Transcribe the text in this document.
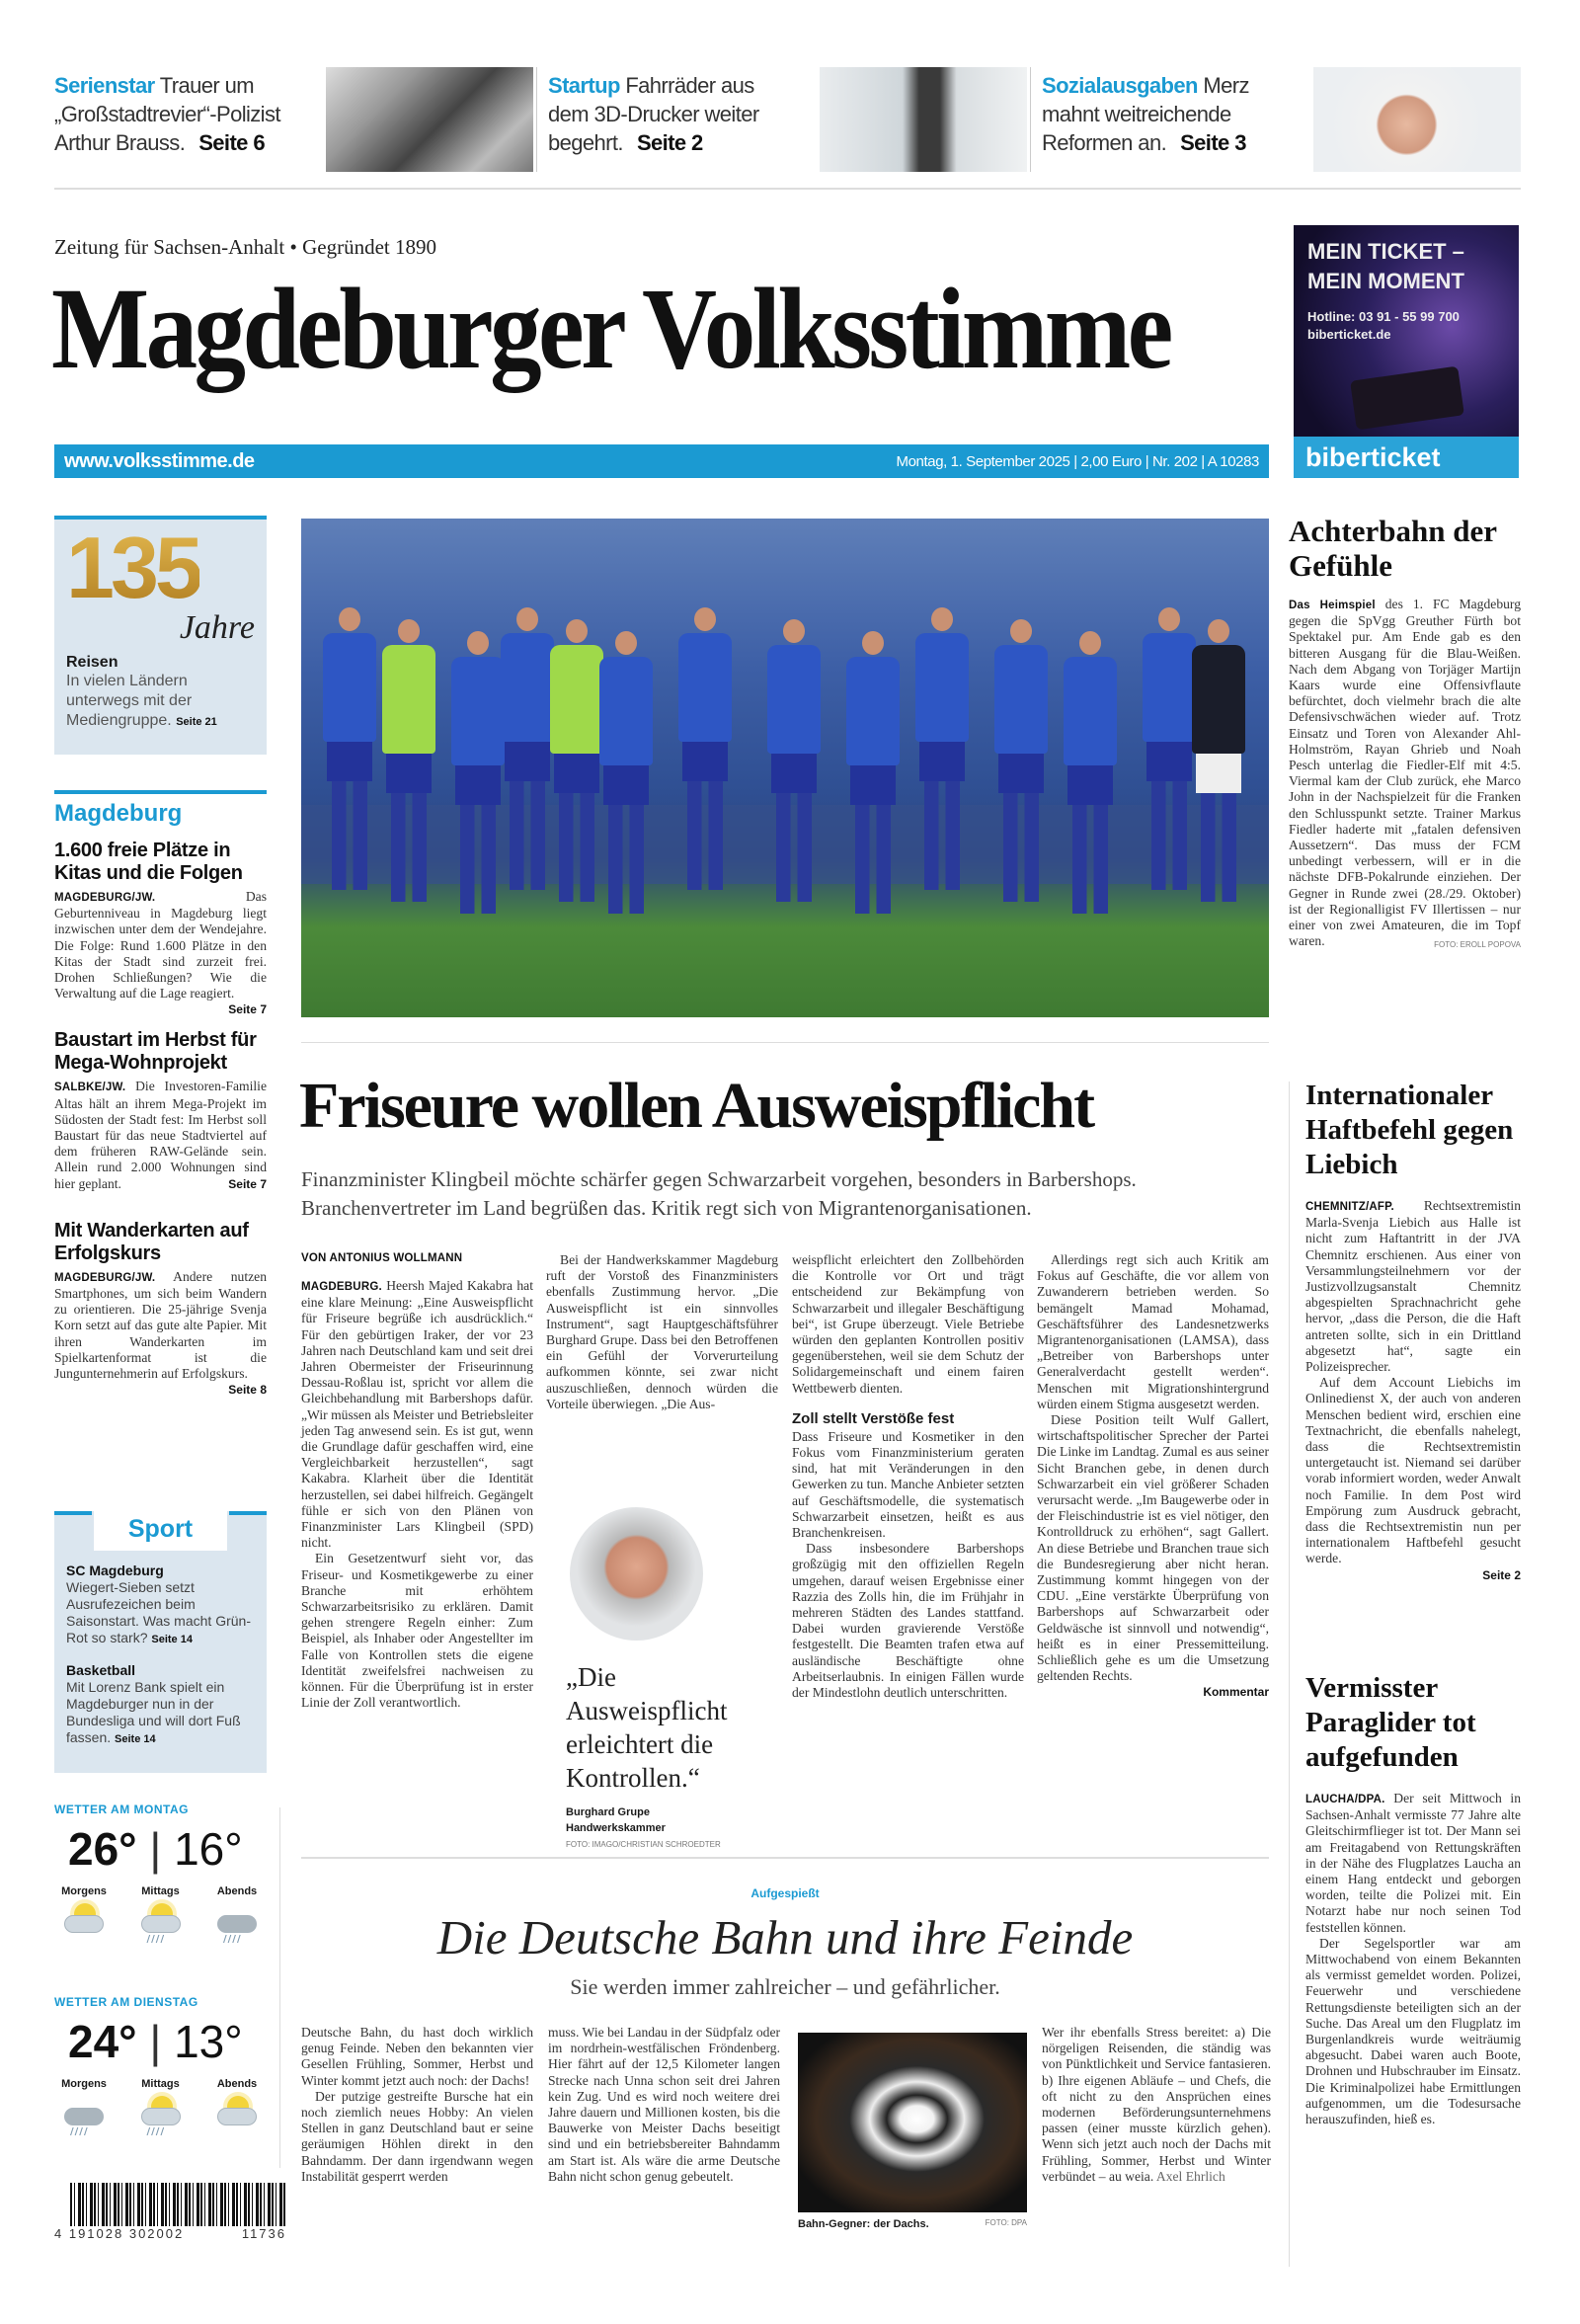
Serienstar Trauer um „Großstadtrevier“-Polizist Arthur Brauss. Seite 6
Startup Fahrräder aus dem 3D-Drucker weiter begehrt. Seite 2
Sozialausgaben Merz mahnt weitreichende Reformen an. Seite 3
Zeitung für Sachsen-Anhalt • Gegründet 1890
Magdeburger Volksstimme
www.volksstimme.de	Montag, 1. September 2025 | 2,00 Euro | Nr. 202 | A 10283
MEIN TICKET –
MEIN MOMENT
Hotline: 03 91 - 55 99 700
biberticket.de
biberticket
135
Jahre
Reisen
In vielen Ländern unterwegs mit der Mediengruppe. Seite 21
Magdeburg
1.600 freie Plätze in Kitas und die Folgen
MAGDEBURG/JW.	Das Geburtenniveau in Magdeburg liegt inzwischen unter dem der Wendejahre. Die Folge: Rund 1.600 Plätze in den Kitas der Stadt sind zurzeit frei. Drohen Schließungen? Wie die Verwaltung auf die Lage reagiert.
Seite 7
Baustart im Herbst für Mega-Wohnprojekt
SALBKE/JW. Die Investoren-Familie Altas hält an ihrem Mega-Projekt im Südosten der Stadt fest: Im Herbst soll Baustart für das neue Stadtviertel auf dem früheren RAW-Gelände sein. Allein rund 2.000 Wohnungen sind hier geplant.	Seite 7
Mit Wanderkarten auf Erfolgskurs
MAGDEBURG/JW. Andere nutzen Smartphones, um sich beim Wandern zu orientieren. Die 25-jährige Svenja Korn setzt auf das gute alte Papier. Mit ihren Wanderkarten im Spielkartenformat ist die Jungunternehmerin auf Erfolgskurs.
Seite 8
Sport
SC Magdeburg
Wiegert-Sieben setzt Ausrufezeichen beim Saisonstart. Was macht Grün-Rot so stark? Seite 14
Basketball
Mit Lorenz Bank spielt ein Magdeburger nun in der Bundesliga und will dort Fuß fassen. Seite 14
WETTER AM MONTAG
26° | 16°
Morgens	Mittags
////
Abends
////
WETTER AM DIENSTAG
24° | 13°
Morgens
////
Mittags
////
Abends
4 191028 302002	11736
Achterbahn der Gefühle
Das Heimspiel des 1. FC Magdeburg gegen die SpVgg Greuther Fürth bot Spektakel pur. Am Ende gab es den bitteren Ausgang für die Blau-Weißen. Nach dem Abgang von Torjäger Martijn Kaars wurde eine Offensivflaute befürchtet, doch vielmehr brach die alte Defensivschwächen wieder auf. Trotz Einsatz und Toren von Alexander Ahl-Holmström, Rayan Ghrieb und Noah Pesch unterlag die Fiedler-Elf mit 4:5. Viermal kam der Club zurück, ehe Marco John in der Nachspielzeit für die Franken den Schlusspunkt setzte. Trainer Markus Fiedler haderte mit „fatalen defensiven Aussetzern“. Das muss der FCM unbedingt verbessern, will er in die nächste DFB-Pokalrunde einziehen. Der Gegner in Runde zwei (28./29. Oktober) ist der Regionalligist FV Illertissen – nur einer von zwei Amateuren, die im Topf waren.	FOTO: EROLL POPOVA
Friseure wollen Ausweispflicht
Finanzminister Klingbeil möchte schärfer gegen Schwarzarbeit vorgehen, besonders in Barbershops. Branchenvertreter im Land begrüßen das. Kritik regt sich von Migrantenorganisationen.
VON ANTONIUS WOLLMANN

MAGDEBURG. Heersh Majed Kakabra hat eine klare Meinung: „Eine Ausweispflicht für Friseure begrüße ich ausdrücklich.“ Für den gebürtigen Iraker, der vor 23 Jahren nach Deutschland kam und seit drei Jahren Obermeister der Friseurinnung Dessau-Roßlau ist, spricht vor allem die Gleichbehandlung mit Barbershops dafür. „Wir müssen als Meister und Betriebsleiter jeden Tag anwesend sein. Es ist gut, wenn die Grundlage dafür geschaffen wird, eine Vergleichbarkeit herzustellen“, sagt Kakabra. Klarheit über die Identität herzustellen, sei dabei hilfreich. Gegängelt fühle er sich von den Plänen von Finanzminister Lars Klingbeil (SPD) nicht.

Ein Gesetzentwurf sieht vor, das Friseur- und Kosmetikgewerbe zu einer Branche mit erhöhtem Schwarzarbeitsrisiko zu erklären. Damit gehen strengere Regeln einher: Zum Beispiel, als Inhaber oder Angestellter im Falle von Kontrollen stets die eigene Identität zweifelsfrei nachweisen zu können. Für die Überprüfung ist in erster Linie der Zoll verantwortlich.

Bei der Handwerkskammer Magdeburg ruft der Vorstoß des Finanzministers ebenfalls Zustimmung hervor. „Die Ausweispflicht ist ein sinnvolles Instrument“, sagt Hauptgeschäftsführer Burghard Grupe. Dass bei den Betroffenen ein Gefühl der Vorverurteilung aufkommen könnte, sei zwar nicht auszuschließen, dennoch würden die Vorteile überwiegen. „Die Aus-

„Die Ausweispflicht erleichtert die Kontrollen.“
Burghard Grupe
Handwerkskammer
FOTO: IMAGO/CHRISTIAN SCHROEDTER

weispflicht erleichtert den Zollbehörden die Kontrolle vor Ort und trägt entscheidend zur Bekämpfung von Schwarzarbeit und illegaler Beschäftigung bei“, ist Grupe überzeugt. Viele Betriebe würden den geplanten Kontrollen positiv gegenüberstehen, weil sie dem Schutz der Solidargemeinschaft und einem fairen Wettbewerb dienten.

Zoll stellt Verstöße fest

Dass Friseure und Kosmetiker in den Fokus vom Finanzministerium geraten sind, hat mit Veränderungen in den Gewerken zu tun. Manche Anbieter setzten auf Geschäftsmodelle, die systematisch Schwarzarbeit einsetzen, heißt es aus Branchenkreisen.

Dass insbesondere Barbershops großzügig mit den offiziellen Regeln umgehen, darauf weisen Ergebnisse einer Razzia des Zolls hin, die im Frühjahr in mehreren Städten des Landes stattfand. Dabei wurden gravierende Verstöße festgestellt. Die Beamten trafen etwa auf ausländische Beschäftigte ohne Arbeitserlaubnis. In einigen Fällen wurde der Mindestlohn deutlich unterschritten.

Allerdings regt sich auch Kritik am Fokus auf Geschäfte, die vor allem von Zuwanderern betrieben werden. So bemängelt Mamad Mohamad, Geschäftsführer des Landesnetzwerks Migrantenorganisationen (LAMSA), dass „Betreiber von Barbershops unter Generalverdacht gestellt werden“. Menschen mit Migrationshintergrund würden einem Stigma ausgesetzt werden.

Diese Position teilt Wulf Gallert, wirtschaftspolitischer Sprecher der Partei Die Linke im Landtag. Zumal es aus seiner Sicht Branchen gebe, in denen durch Schwarzarbeit ein viel größerer Schaden verursacht werde. „Im Baugewerbe oder in der Fleischindustrie ist es viel nötiger, den Kontrolldruck zu erhöhen“, sagt Gallert. An diese Betriebe und Branchen traue sich die Bundesregierung aber nicht heran. Zustimmung kommt hingegen von der CDU. „Eine verstärkte Überprüfung von Barbershops auf Schwarzarbeit oder Geldwäsche ist sinnvoll und notwendig“, heißt es in einer Pressemitteilung. Schließlich gehe es um die Umsetzung geltenden Rechts.

Kommentar
Internationaler Haftbefehl gegen Liebich

CHEMNITZ/AFP. Rechtsextremistin Marla-Svenja Liebich aus Halle ist nicht zum Haftantritt in der JVA Chemnitz erschienen. Aus einer von Versammlungsteilnehmern vor der Justizvollzugsanstalt Chemnitz abgespielten Sprachnachricht gehe hervor, „dass die Person, die die Haft antreten sollte, sich in ein Drittland abgesetzt hat“, sagte ein Polizeisprecher.

Auf dem Account Liebichs im Onlinedienst X, der auch von anderen Menschen bedient wird, erschien eine Textnachricht, die ebenfalls nahelegt, dass die Rechtsextremistin untergetaucht ist. Niemand sei darüber vorab informiert worden, weder Anwalt noch Familie. In dem Post wird Empörung zum Ausdruck gebracht, dass die Rechtsextremistin nun per internationalem Haftbefehl gesucht werde.

Seite 2
Vermisster Paraglider tot aufgefunden

LAUCHA/DPA. Der seit Mittwoch in Sachsen-Anhalt vermisste 77 Jahre alte Gleitschirmflieger ist tot. Der Mann sei am Freitagabend von Rettungskräften in der Nähe des Flugplatzes Laucha an einem Hang entdeckt und geborgen worden, teilte die Polizei mit. Ein Notarzt habe nur noch seinen Tod feststellen können.

Der Segelsportler war am Mittwochabend von einem Bekannten als vermisst gemeldet worden. Polizei, Feuerwehr und verschiedene Rettungsdienste beteiligten sich an der Suche. Das Areal um den Flugplatz im Burgenlandkreis wurde weiträumig abgesucht. Dabei waren auch Boote, Drohnen und Hubschrauber im Einsatz. Die Kriminalpolizei habe Ermittlungen aufgenommen, um die Todesursache herauszufinden, hieß es.

Aufgespießt
Die Deutsche Bahn und ihre Feinde
Sie werden immer zahlreicher – und gefährlicher.

Deutsche Bahn, du hast doch wirklich genug Feinde. Neben den bekannten vier Gesellen Frühling, Sommer, Herbst und Winter kommt jetzt auch noch: der Dachs!

Der putzige gestreifte Bursche hat ein noch ziemlich neues Hobby: An vielen Stellen in ganz Deutschland baut er seine geräumigen Höhlen direkt in den Bahndamm. Der dann irgendwann wegen Instabilität gesperrt werden

muss. Wie bei Landau in der Südpfalz oder im nordrhein-westfälischen Fröndenberg. Hier fährt auf der 12,5 Kilometer langen Strecke nach Unna schon seit drei Jahren kein Zug. Und es wird noch weitere drei Jahre dauern und Millionen kosten, bis die Bauwerke von Meister Dachs beseitigt sind und ein betriebsbereiter Bahndamm am Start ist. Als wäre die arme Deutsche Bahn nicht schon genug gebeutelt.

Bahn-Gegner: der Dachs.	FOTO: DPA

Wer ihr ebenfalls Stress bereitet: a) Die nörgeligen Reisenden, die ständig was von Pünktlichkeit und Service fantasieren. b) Ihre eigenen Abläufe – und Chefs, die oft nicht zu den Ansprüchen eines modernen Beförderungsunternehmens passen (einer musste kürzlich gehen). Wenn sich jetzt auch noch der Dachs mit Frühling, Sommer, Herbst und Winter verbündet – au weia. Axel Ehrlich
